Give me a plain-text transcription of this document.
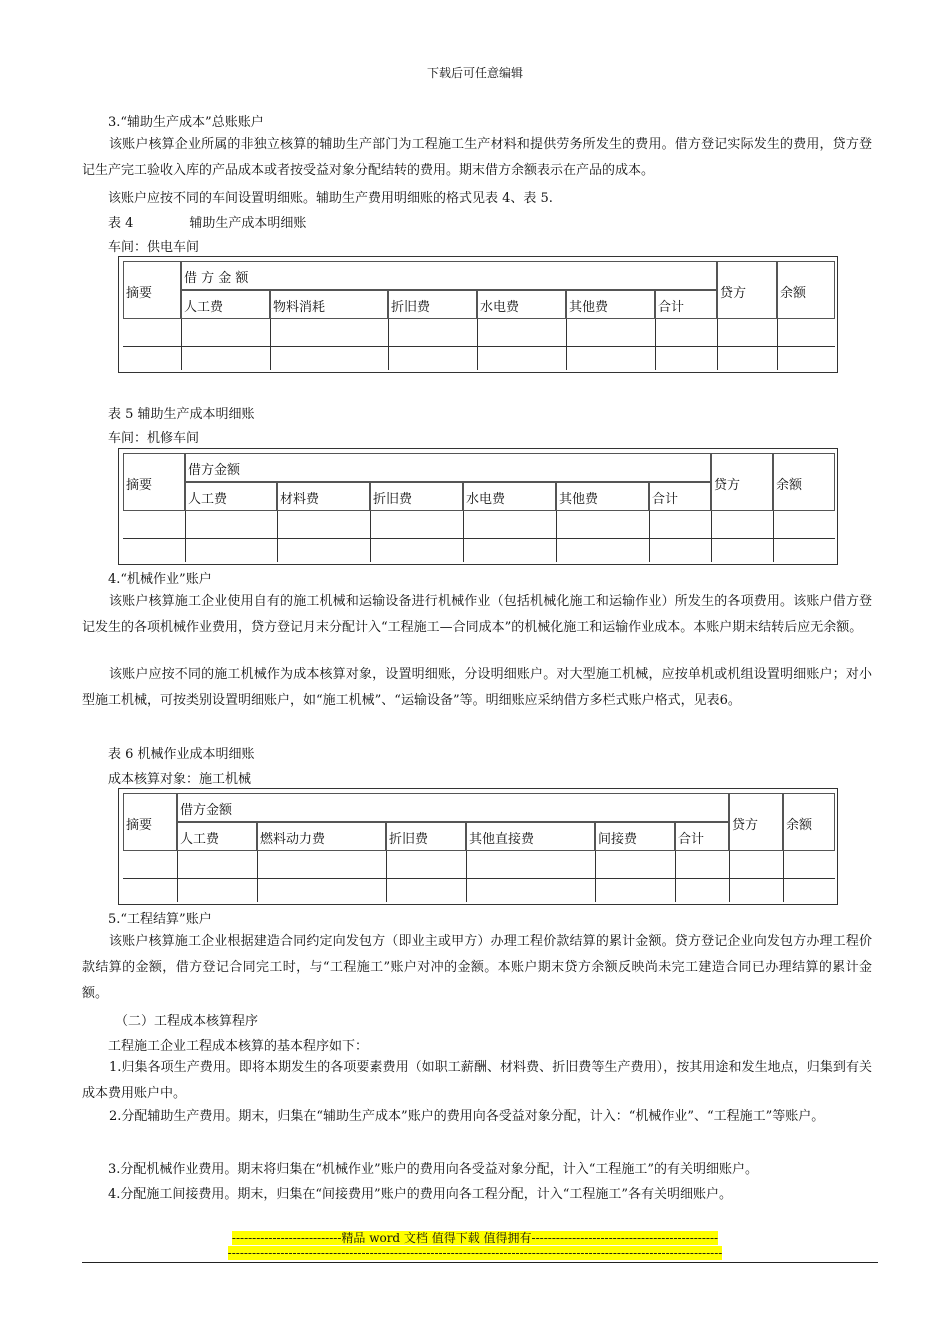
下载后可任意编辑
3.“辅助生产成本”总账账户
该账户核算企业所属的非独立核算的辅助生产部门为工程施工生产材料和提供劳务所发生的费用。借方登记实际发生的费用，贷方登记生产完工验收入库的产品成本或者按受益对象分配结转的费用。期末借方余额表示在产品的成本。
该账户应按不同的车间设置明细账。辅助生产费用明细账的格式见表 4、表 5.
表 4	辅助生产成本明细账
车间：供电车间
摘要
借 方 金 额
人工费	物料消耗	折旧费	水电费	其他费	合计
贷方	余额
表 5 辅助生产成本明细账
车间：机修车间
摘要
借方金额
人工费	材料费	折旧费	水电费	其他费	合计
贷方	余额
4.“机械作业”账户
该账户核算施工企业使用自有的施工机械和运输设备进行机械作业（包括机械化施工和运输作业）所发生的各项费用。该账户借方登记发生的各项机械作业费用，贷方登记月末分配计入“工程施工—合同成本”的机械化施工和运输作业成本。本账户期末结转后应无余额。
该账户应按不同的施工机械作为成本核算对象，设置明细账，分设明细账户。对大型施工机械，应按单机或机组设置明细账户；对小型施工机械，可按类别设置明细账户，如“施工机械”、“运输设备”等。明细账应采纳借方多栏式账户格式，见表6。
表 6 机械作业成本明细账
成本核算对象：施工机械
摘要
借方金额
人工费	燃料动力费	折旧费	其他直接费	间接费	合计
贷方 余额
5.“工程结算”账户
该账户核算施工企业根据建造合同约定向发包方（即业主或甲方）办理工程价款结算的累计金额。贷方登记企业向发包方办理工程价款结算的金额，借方登记合同完工时，与“工程施工”账户对冲的金额。本账户期末贷方余额反映尚未完工建造合同已办理结算的累计金额。
（二）工程成本核算程序
工程施工企业工程成本核算的基本程序如下：
1.归集各项生产费用。即将本期发生的各项要素费用（如职工薪酬、材料费、折旧费等生产费用），按其用途和发生地点，归集到有关成本费用账户中。
2.分配辅助生产费用。期末，归集在“辅助生产成本”账户的费用向各受益对象分配，计入：“机械作业”、“工程施工”等账户。
3.分配机械作业费用。期末将归集在“机械作业”账户的费用向各受益对象分配，计入“工程施工”的有关明细账户。
4.分配施工间接费用。期末，归集在“间接费用”账户的费用向各工程分配，计入“工程施工”各有关明细账户。
---------------------------精品 word 文档 值得下载 值得拥有----------------------------------------------
--------------------------------------------------------------------------------------------------------------------------
